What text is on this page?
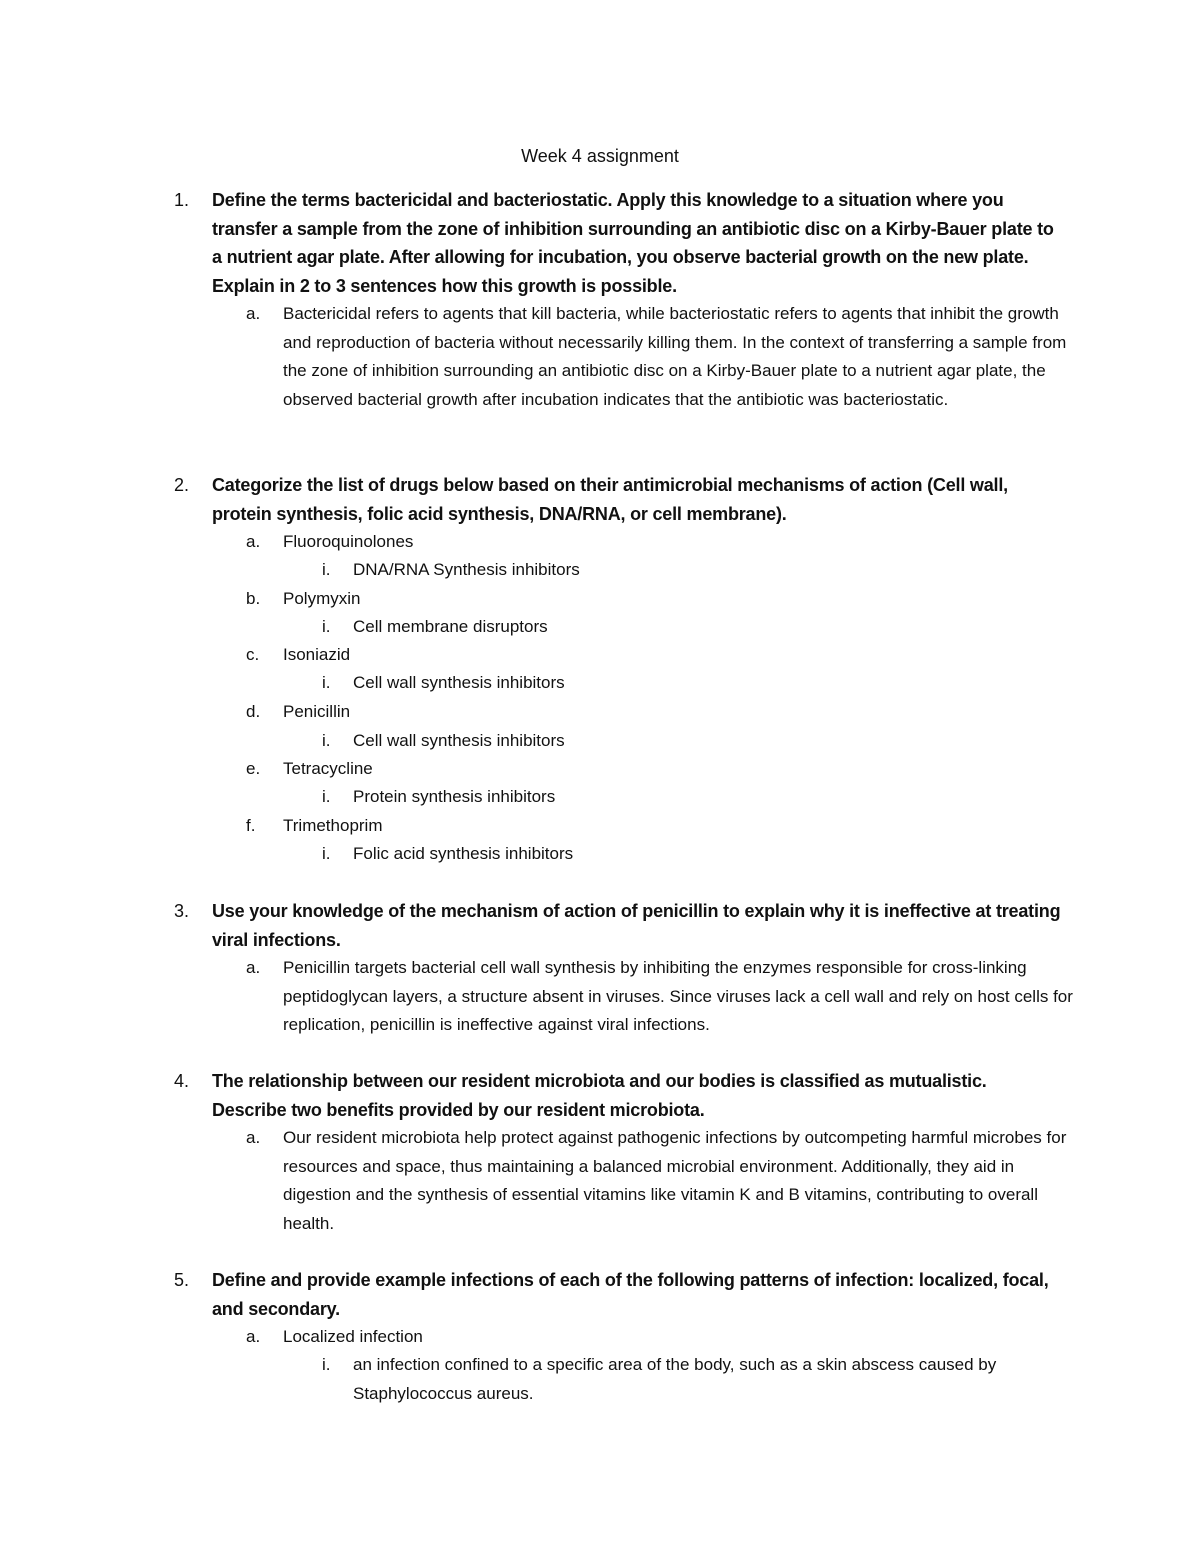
Week 4 assignment
1.	Define the terms bactericidal and bacteriostatic. Apply this knowledge to a situation where you transfer a sample from the zone of inhibition surrounding an antibiotic disc on a Kirby-Bauer plate to a nutrient agar plate. After allowing for incubation, you observe bacterial growth on the new plate. Explain in 2 to 3 sentences how this growth is possible.
a.	Bactericidal refers to agents that kill bacteria, while bacteriostatic refers to agents that inhibit the growth and reproduction of bacteria without necessarily killing them. In the context of transferring a sample from the zone of inhibition surrounding an antibiotic disc on a Kirby-Bauer plate to a nutrient agar plate, the observed bacterial growth after incubation indicates that the antibiotic was bacteriostatic.
2.	Categorize the list of drugs below based on their antimicrobial mechanisms of action (Cell wall, protein synthesis, folic acid synthesis, DNA/RNA, or cell membrane).
a.	Fluoroquinolones
i.	DNA/RNA Synthesis inhibitors
b.	Polymyxin
i.	Cell membrane disruptors
c.	Isoniazid
i.	Cell wall synthesis inhibitors
d.	Penicillin
i.	Cell wall synthesis inhibitors
e.	Tetracycline
i.	Protein synthesis inhibitors
f.	Trimethoprim
i.	Folic acid synthesis inhibitors
3.	Use your knowledge of the mechanism of action of penicillin to explain why it is ineffective at treating viral infections.
a.	Penicillin targets bacterial cell wall synthesis by inhibiting the enzymes responsible for cross-linking peptidoglycan layers, a structure absent in viruses. Since viruses lack a cell wall and rely on host cells for replication, penicillin is ineffective against viral infections.
4.	The relationship between our resident microbiota and our bodies is classified as mutualistic. Describe two benefits provided by our resident microbiota.
a.	Our resident microbiota help protect against pathogenic infections by outcompeting harmful microbes for resources and space, thus maintaining a balanced microbial environment. Additionally, they aid in digestion and the synthesis of essential vitamins like vitamin K and B vitamins, contributing to overall health.
5.	Define and provide example infections of each of the following patterns of infection: localized, focal, and secondary.
a.	Localized infection
i.	an infection confined to a specific area of the body, such as a skin abscess caused by Staphylococcus aureus.
